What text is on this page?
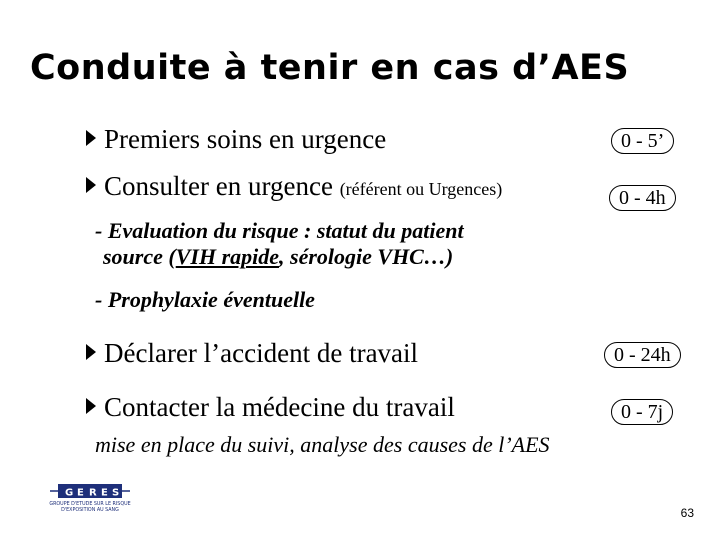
Conduite à tenir en cas d’AES
Premiers soins en urgence	0 - 5’
Consulter en urgence (référent ou Urgences)	0 - 4h
- Evaluation du risque : statut du patient
source (VIH rapide, sérologie VHC…)
- Prophylaxie éventuelle
Déclarer l’accident de travail	0 - 24h
Contacter la médecine du travail	0 - 7j
mise en place du suivi, analyse des causes de l’AES
G E R E S
GROUPE D'ETUDE SUR LE RISQUE
D'EXPOSITION AU SANG	63
